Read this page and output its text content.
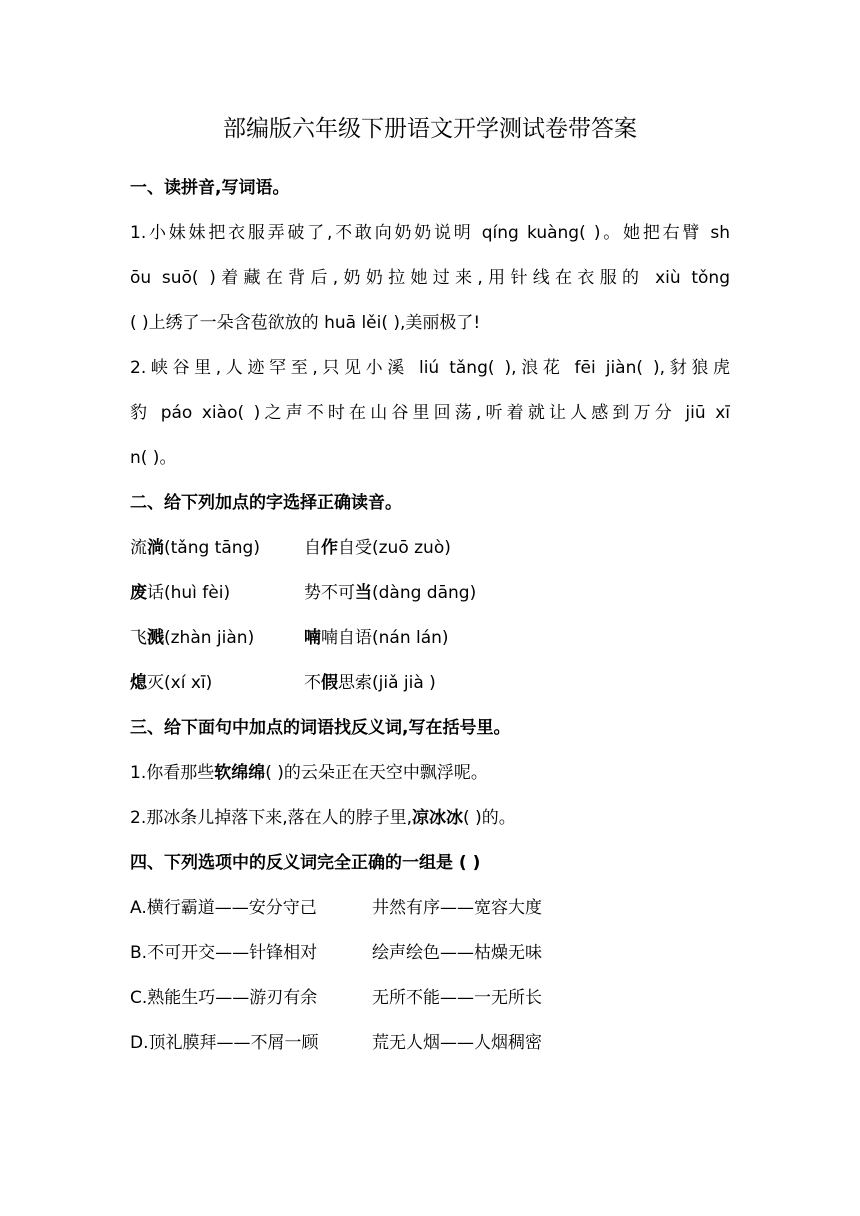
部编版六年级下册语文开学测试卷带答案
一、读拼音,写词语。
1.小妹妹把衣服弄破了,不敢向奶奶说明 qíng kuàng( )。她把右臂 sh
ōu suō( )着藏在背后,奶奶拉她过来,用针线在衣服的 xiù tǒng
( )上绣了一朵含苞欲放的 huā lěi( ),美丽极了!
2.峡谷里,人迹罕至,只见小溪 liú tǎng( ),浪花 fēi jiàn( ),豺狼虎
豹 páo xiào( )之声不时在山谷里回荡,听着就让人感到万分 jiū xī
n( )。
二、给下列加点的字选择正确读音。
流淌(tǎng tāng)	自作自受(zuō zuò)
废话(huì fèi)	势不可当(dàng dāng)
飞溅(zhàn jiàn)	喃喃自语(nán lán)
熄灭(xí xī)	不假思索(jiǎ jià )
三、给下面句中加点的词语找反义词,写在括号里。
1.你看那些软绵绵( )的云朵正在天空中飘浮呢。
2.那冰条儿掉落下来,落在人的脖子里,凉冰冰( )的。
四、下列选项中的反义词完全正确的一组是 ( )
A.横行霸道——安分守己	井然有序——宽容大度
B.不可开交——针锋相对	绘声绘色——枯燥无味
C.熟能生巧——游刃有余	无所不能——一无所长
D.顶礼膜拜——不屑一顾	荒无人烟——人烟稠密
